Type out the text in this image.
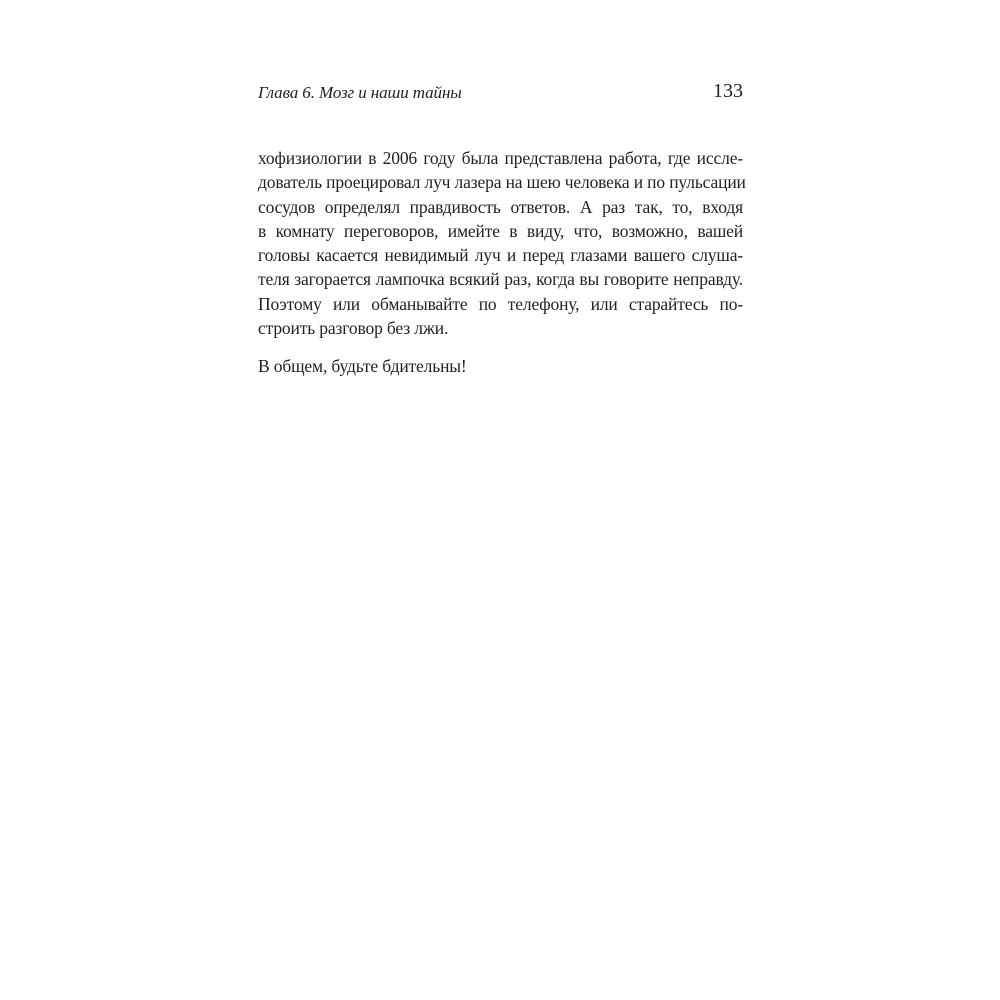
Глава 6. Мозг и наши тайны	133

хофизиологии в 2006 году была представлена работа, где иссле-
дователь проецировал луч лазера на шею человека и по пульсации
сосудов определял правдивость ответов. А раз так, то, входя
в комнату переговоров, имейте в виду, что, возможно, вашей
головы касается невидимый луч и перед глазами вашего слуша-
теля загорается лампочка всякий раз, когда вы говорите неправду.
Поэтому или обманывайте по телефону, или старайтесь по-
строить разговор без лжи.

В общем, будьте бдительны!
